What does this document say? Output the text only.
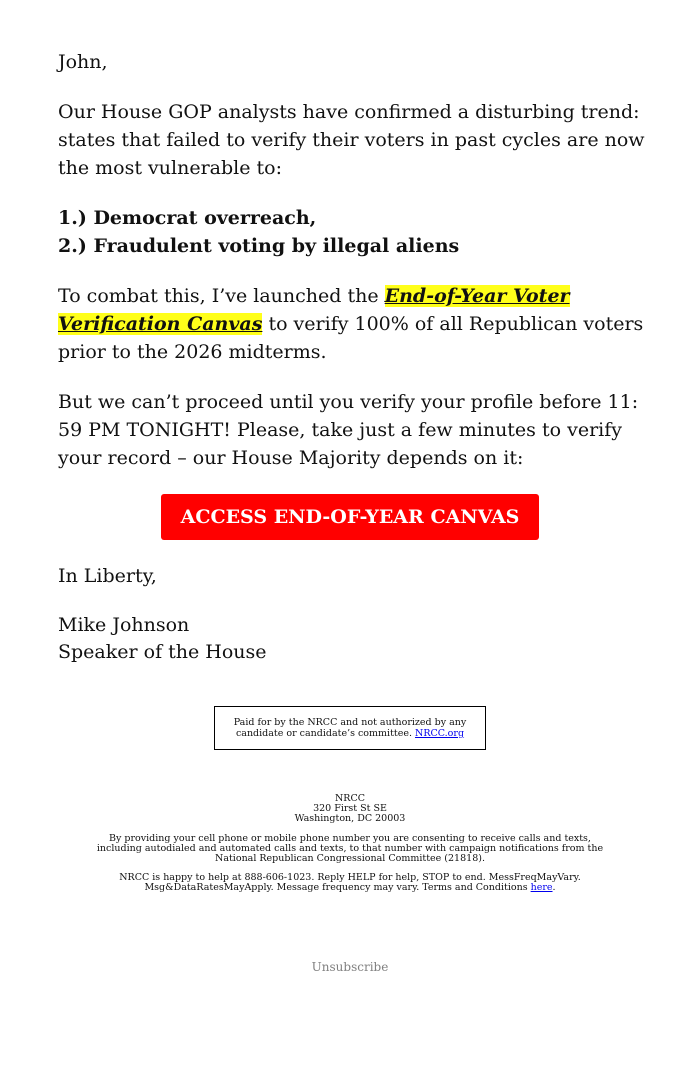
John,

Our House GOP analysts have confirmed a disturbing trend: states that failed to verify their voters in past cycles are now the most vulnerable to:

1.) Democrat overreach,

2.) Fraudulent voting by illegal aliens

To combat this, I’ve launched the End-of-Year Voter Verification Canvas to verify 100% of all Republican voters prior to the 2026 midterms.

But we can’t proceed until you verify your profile before 11: 59 PM TONIGHT! Please, take just a few minutes to verify your record – our House Majority depends on it:

ACCESS END-OF-YEAR CANVAS

In Liberty,

Mike Johnson

Speaker of the House

Paid for by the NRCC and not authorized by any candidate or candidate’s committee. NRCC.org
NRCC
320 First St SE
Washington, DC 20003
By providing your cell phone or mobile phone number you are consenting to receive calls and texts, including autodialed and automated calls and texts, to that number with campaign notifications from the National Republican Congressional Committee (21818).
NRCC is happy to help at 888-606-1023. Reply HELP for help, STOP to end. MessFreqMayVary. Msg&DataRatesMayApply. Message frequency may vary. Terms and Conditions here.
Unsubscribe
